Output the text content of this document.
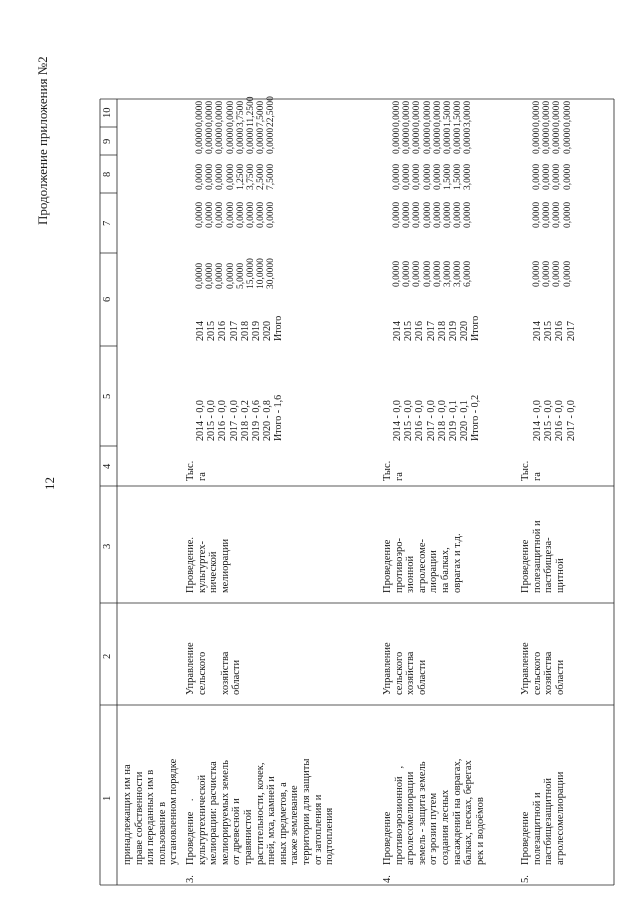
12
Продолжение приложения №2
1
2
3
4
5
6
7
8
9
10
принадлежащих им на
праве собственности
или переданных им в
пользование в
установленном порядке
3.
Проведение    .
культуртехнической
мелиорации: расчистка
мелиорируемых земель
от древесной и
травянистой
растительности, кочек,
пней, мха, камней и
иных предметов, а
также землевание
территории для защиты
от затопления и
подтопления
Управление
сельского

хозяйства
области
Проведение.
культуртех-
нической
мелиорации
Тыс.
га
2014 - 0,0
2015 - 0,0
2016 - 0,0
2017 - 0,0
2018 - 0,2
2019 - 0,6
2020 - 0,8
Итого - 1,6
2014
2015
2016
2017
2018
2019
2020
Итого
0,0000
0,0000
0,0000
0,0000
5,0000
15,0000
10,0000
30,0000
0,0000
0,0000
0,0000
0,0000
0,0000
0,0000
0,0000
0,0000
0,0000
0,0000
0,0000
0,0000
1,2500
3,7500
2,5000
7,5000
0,0000
0,0000
0,0000
0,0000
0,0000
0,0000
0,0000
0,0000
0,0000
0,0000
0,0000
0,0000
3,7500
11,2500
7,5000
22,5000
4.
Проведение
противоэрозионной   ,
агролесомелиорации
земель - защита земель
от эрозии путем
создания лесных
насаждений на оврагах,
балках, песках, берегах
рек и водоёмов
Управление
сельского
хозяйства
области
Проведение
противоэро-
зионной
агролесоме-
лиорации
на балках,
оврагах и т.д.
Тыс.
га
2014 - 0,0
2015 - 0,0
2016 - 0,0
2017 - 0,0
2018 - 0,0
2019 - 0,1
2020 - 0,1
Итого - 0,2
2014
2015
2016
2017
2018
2019
2020
Итого
0,0000
0,0000
0,0000
0,0000
0,0000
3,0000
3,0000
6,0000
0,0000
0,0000
0,0000
0,0000
0,0000
0,0000
0,0000
0,0000
0,0000
0,0000
0,0000
0,0000
0,0000
1,5000
1,5000
3,0000
0,0000
0,0000
0,0000
0,0000
0,0000
0,0000
0,0000
0,0000
0,0000
0,0000
0,0000
0,0000
0,0000
1,5000
1,5000
3,0000
5.
Проведение
полезащитной и
пастбищезащитной
агролесомелиорации
Управление
сельского
хозяйства
области
Проведение
полезащитной и
пастбищеза-
щитной
Тыс.
га
2014 - 0,0
2015 - 0,0
2016 - 0,0
2017 - 0,0
2014
2015
2016
2017
0,0000
0,0000
0,0000
0,0000
0,0000
0,0000
0,0000
0,0000
0,0000
0,0000
0,0000
0,0000
0,0000
0,0000
0,0000
0,0000
0,0000
0,0000
0,0000
0,0000
